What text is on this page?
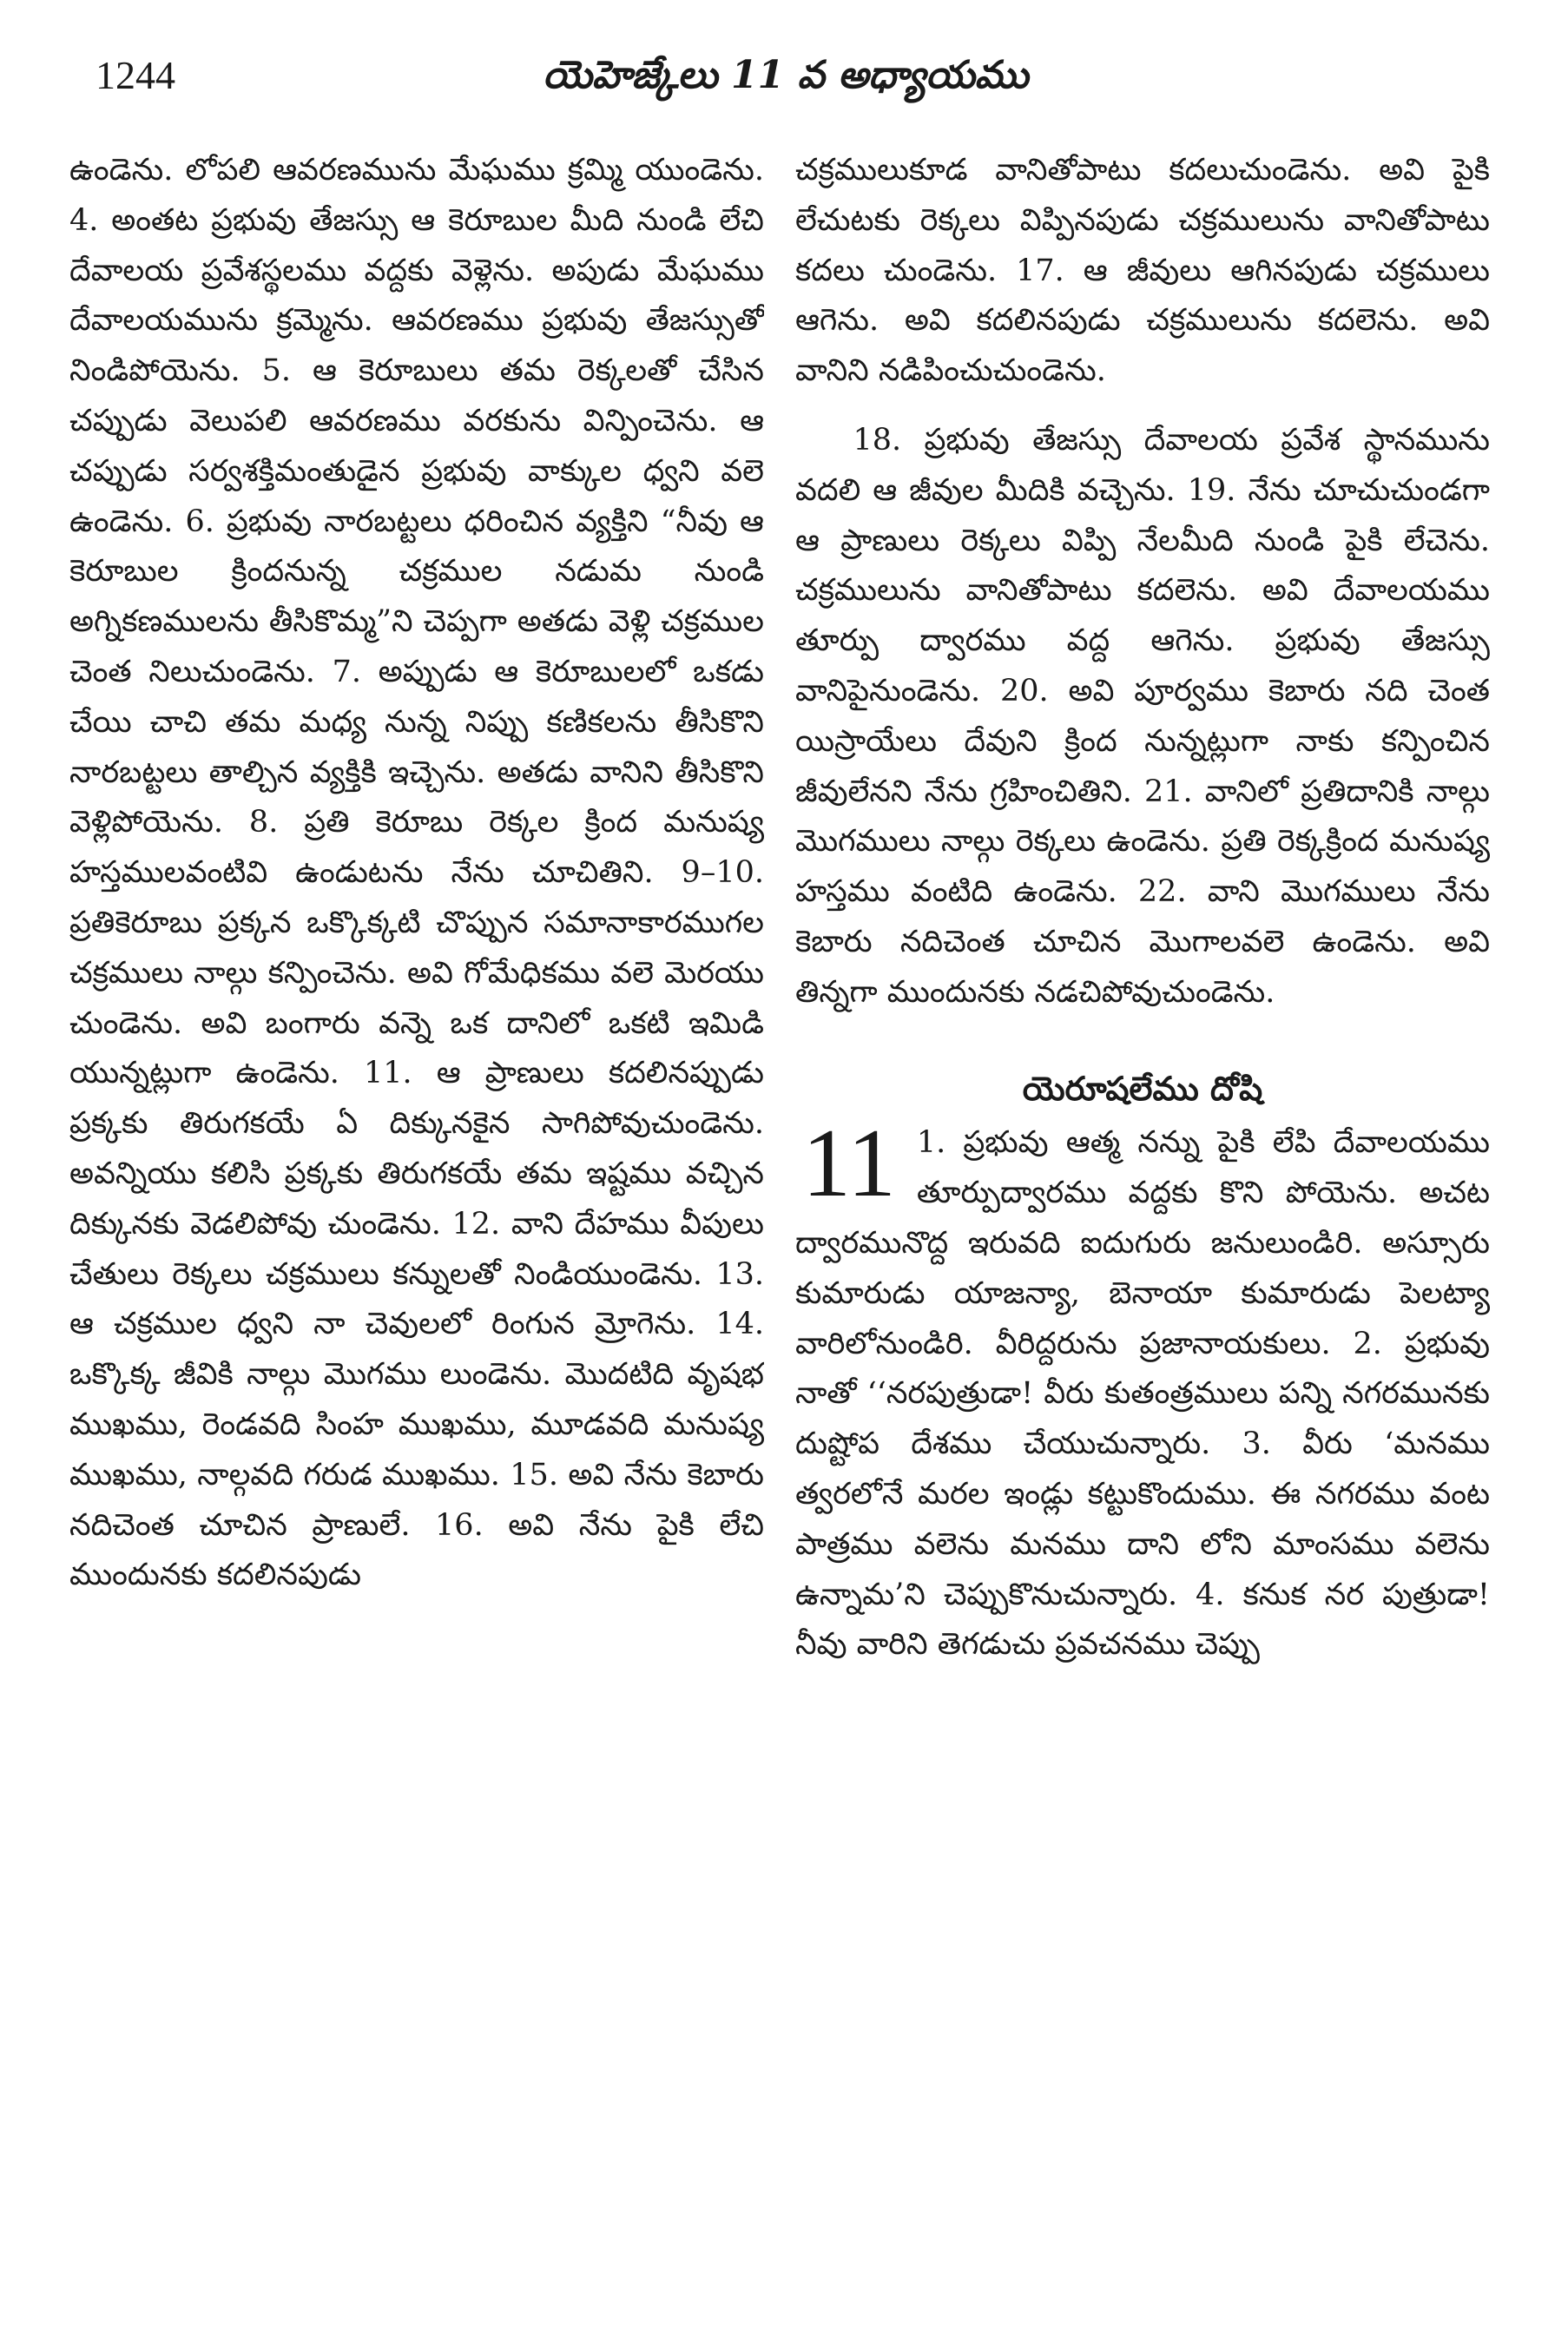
1244	యెహెజ్కేలు 11 వ అధ్యాయము

ఉండెను. లోపలి ఆవరణమును మేఘము క్రమ్మి యుండెను. 4. అంతట ప్రభువు తేజస్సు ఆ కెరూబుల మీది నుండి లేచి దేవాలయ ప్రవేశస్థలము వద్దకు వెళ్లెను. అపుడు మేఘము దేవాలయమును క్రమ్మెను. ఆవరణము ప్రభువు తేజస్సుతో నిండిపోయెను. 5. ఆ కెరూబులు తమ రెక్కలతో చేసిన చప్పుడు వెలుపలి ఆవరణము వరకును విన్పించెను. ఆ చప్పుడు సర్వశక్తిమంతుడైన ప్రభువు వాక్కుల ధ్వని వలె ఉండెను. 6. ప్రభువు నారబట్టలు ధరించిన వ్యక్తిని “నీవు ఆ కెరూబుల క్రిందనున్న చక్రముల నడుమ నుండి అగ్నికణములను తీసికొమ్మ”ని చెప్పగా అతడు వెళ్లి చక్రముల చెంత నిలుచుండెను. 7. అప్పుడు ఆ కెరూబులలో ఒకడు చేయి చాచి తమ మధ్య నున్న నిప్పు కణికలను తీసికొని నారబట్టలు తాల్చిన వ్యక్తికి ఇచ్చెను. అతడు వానిని తీసికొని వెళ్లిపోయెను. 8. ప్రతి కెరూబు రెక్కల క్రింద మనుష్య హస్తములవంటివి ఉండుటను నేను చూచితిని. 9–10. ప్రతికెరూబు ప్రక్కన ఒక్కొక్కటి చొప్పున సమానాకారముగల చక్రములు నాల్గు కన్పించెను. అవి గోమేధికము వలె మెరయు చుండెను. అవి బంగారు వన్నె ఒక దానిలో ఒకటి ఇమిడి యున్నట్లుగా ఉండెను. 11. ఆ ప్రాణులు కదలినప్పుడు ప్రక్కకు తిరుగకయే ఏ దిక్కునకైన సాగిపోవుచుండెను. అవన్నియు కలిసి ప్రక్కకు తిరుగకయే తమ ఇష్టము వచ్చిన దిక్కునకు వెడలిపోవు చుండెను. 12. వాని దేహము వీపులు చేతులు రెక్కలు చక్రములు కన్నులతో నిండియుండెను. 13. ఆ చక్రముల ధ్వని నా చెవులలో రింగున మ్రోగెను. 14. ఒక్కొక్క జీవికి నాల్గు మొగము లుండెను. మొదటిది వృషభ ముఖము, రెండవది సింహ ముఖము, మూడవది మనుష్య ముఖము, నాల్గవది గరుడ ముఖము. 15. అవి నేను కెబారు నదిచెంత చూచిన ప్రాణులే. 16. అవి నేను పైకి లేచి ముందునకు కదలినపుడు

చక్రములుకూడ వానితోపాటు కదలుచుండెను. అవి పైకి లేచుటకు రెక్కలు విప్పినపుడు చక్రములును వానితోపాటు కదలు చుండెను. 17. ఆ జీవులు ఆగినపుడు చక్రములు ఆగెను. అవి కదలినపుడు చక్రములును కదలెను. అవి వానిని నడిపించుచుండెను.

18. ప్రభువు తేజస్సు దేవాలయ ప్రవేశ స్థానమును వదలి ఆ జీవుల మీదికి వచ్చెను. 19. నేను చూచుచుండగా ఆ ప్రాణులు రెక్కలు విప్పి నేలమీది నుండి పైకి లేచెను. చక్రములును వానితోపాటు కదలెను. అవి దేవాలయము తూర్పు ద్వారము వద్ద ఆగెను. ప్రభువు తేజస్సు వానిపైనుండెను. 20. అవి పూర్వము కెబారు నది చెంత యిస్రాయేలు దేవుని క్రింద నున్నట్లుగా నాకు కన్పించిన జీవులేనని నేను గ్రహించితిని. 21. వానిలో ప్రతిదానికి నాల్గు మొగములు నాల్గు రెక్కలు ఉండెను. ప్రతి రెక్కక్రింద మనుష్య హస్తము వంటిది ఉండెను. 22. వాని మొగములు నేను కెబారు నదిచెంత చూచిన మొగాలవలె ఉండెను. అవి తిన్నగా ముందునకు నడచిపోవుచుండెను.

యెరూషలేము దోషి
11 1. ప్రభువు ఆత్మ నన్ను పైకి లేపి దేవాలయము తూర్పుద్వారము వద్దకు కొని పోయెను. అచట ద్వారమునొద్ద ఇరువది ఐదుగురు జనులుండిరి. అస్సూరు కుమారుడు యాజన్యా, బెనాయా కుమారుడు పెలట్యా వారిలోనుండిరి. వీరిద్దరును ప్రజానాయకులు. 2. ప్రభువు నాతో ‘‘నరపుత్రుడా! వీరు కుతంత్రములు పన్ని నగరమునకు దుష్టోప దేశము చేయుచున్నారు. 3. వీరు ‘మనము త్వరలోనే మరల ఇండ్లు కట్టుకొందుము. ఈ నగరము వంట పాత్రము వలెను మనము దాని లోని మాంసము వలెను ఉన్నామ’ని చెప్పుకొనుచున్నారు. 4. కనుక నర పుత్రుడా! నీవు వారిని తెగడుచు ప్రవచనము చెప్పు
